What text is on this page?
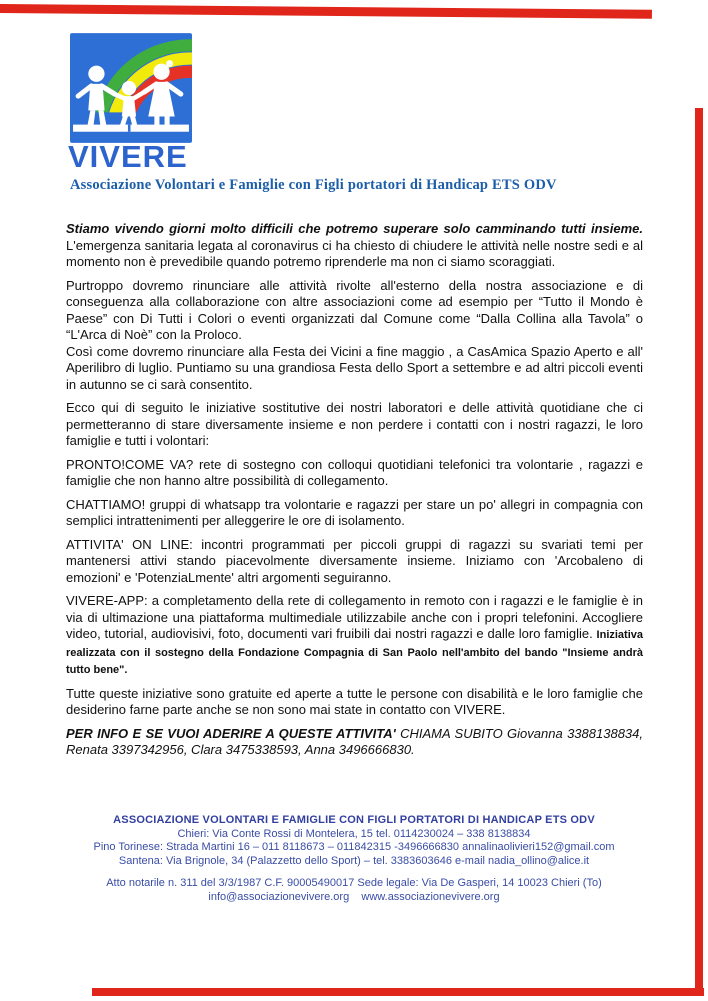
VIVERE
Associazione Volontari e Famiglie con Figli portatori di Handicap ETS ODV

Stiamo vivendo giorni molto difficili che potremo superare solo camminando tutti insieme. L'emergenza sanitaria legata al coronavirus ci ha chiesto di chiudere le attività nelle nostre sedi e al momento non è prevedibile quando potremo riprenderle ma non ci siamo scoraggiati.

Purtroppo dovremo rinunciare alle attività rivolte all'esterno della nostra associazione e di conseguenza alla collaborazione con altre associazioni come ad esempio per “Tutto il Mondo è Paese” con Di Tutti i Colori o eventi organizzati dal Comune come “Dalla Collina alla Tavola” o “L'Arca di Noè” con la Proloco.

Così come dovremo rinunciare alla Festa dei Vicini a fine maggio , a CasAmica Spazio Aperto e all' Aperilibro di luglio. Puntiamo su una grandiosa Festa dello Sport a settembre e ad altri piccoli eventi in autunno se ci sarà consentito.

Ecco qui di seguito le iniziative sostitutive dei nostri laboratori e delle attività quotidiane che ci permetteranno di stare diversamente insieme e non perdere i contatti con i nostri ragazzi, le loro famiglie e tutti i volontari:

PRONTO!COME VA? rete di sostegno con colloqui quotidiani telefonici tra volontarie , ragazzi e famiglie che non hanno altre possibilità di collegamento.

CHATTIAMO! gruppi di whatsapp tra volontarie e ragazzi per stare un po' allegri in compagnia con semplici intrattenimenti per alleggerire le ore di isolamento.

ATTIVITA' ON LINE: incontri programmati per piccoli gruppi di ragazzi su svariati temi per mantenersi attivi stando piacevolmente diversamente insieme. Iniziamo con 'Arcobaleno di emozioni' e 'PotenziaLmente' altri argomenti seguiranno.

VIVERE-APP: a completamento della rete di collegamento in remoto con i ragazzi e le famiglie è in via di ultimazione una piattaforma multimediale utilizzabile anche con i propri telefonini. Accogliere video, tutorial, audiovisivi, foto, documenti vari fruibili dai nostri ragazzi e dalle loro famiglie. Iniziativa realizzata con il sostegno della Fondazione Compagnia di San Paolo nell'ambito del bando "Insieme andrà tutto bene".

Tutte queste iniziative sono gratuite ed aperte a tutte le persone con disabilità e le loro famiglie che desiderino farne parte anche se non sono mai state in contatto con VIVERE.

PER INFO E SE VUOI ADERIRE A QUESTE ATTIVITA' CHIAMA SUBITO Giovanna 3388138834, Renata 3397342956, Clara 3475338593, Anna 3496666830.

ASSOCIAZIONE VOLONTARI E FAMIGLIE CON FIGLI PORTATORI DI HANDICAP ETS ODV
Chieri: Via Conte Rossi di Montelera, 15 tel. 0114230024 – 338 8138834
Pino Torinese: Strada Martini 16 – 011 8118673 – 011842315 -3496666830 annalinaolivieri152@gmail.com
Santena: Via Brignole, 34 (Palazzetto dello Sport) – tel. 3383603646 e-mail nadia_ollino@alice.it
Atto notarile n. 311 del 3/3/1987 C.F. 90005490017 Sede legale: Via De Gasperi, 14 10023 Chieri (To)
info@associazionevivere.org    www.associazionevivere.org
